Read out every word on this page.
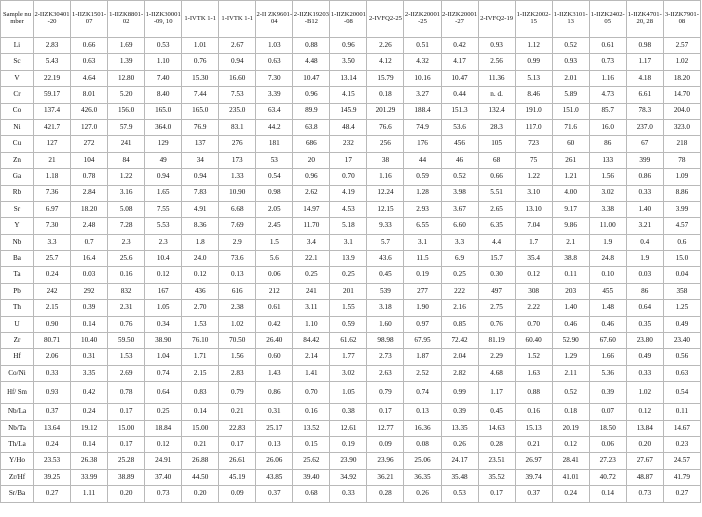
Sample number	2-IIZK30401-20	1-IIZK1501-07	1-IIZK8801-02	1-IIZK30001-09, 10	1-IVTK 1-1	1-IVTK 1-1	2-II ZK9601-04	2-IIZK19203-B12	1-IIZK20001-08	2-IVFQ2-25	2-IIZK20001-25	2-IIZK20001-27	2-IVFQ2-19	1-IIZK2002-15	1-IIZK3101-13	1-IIZK2402-05	1-IIZK4701-20, 28	3-IIZK7901-08
Li	2.83	0.66	1.69	0.53	1.01	2.67	1.03	0.88	0.96	2.26	0.51	0.42	0.93	1.12	0.52	0.61	0.98	2.57
Sc	5.43	0.63	1.39	1.10	0.76	0.94	0.63	4.48	3.50	4.12	4.32	4.17	2.56	0.99	0.93	0.73	1.17	1.02
V	22.19	4.64	12.80	7.40	15.30	16.60	7.30	10.47	13.14	15.79	10.16	10.47	11.36	5.13	2.01	1.16	4.18	18.20
Cr	59.17	8.01	5.20	8.40	7.44	7.53	3.39	0.96	4.15	0.18	3.27	0.44	n. d.	8.46	5.89	4.73	6.61	14.70
Co	137.4	426.0	156.0	165.0	165.0	235.0	63.4	89.9	145.9	201.29	188.4	151.3	132.4	191.0	151.0	85.7	78.3	204.0
Ni	421.7	127.0	57.9	364.0	76.9	83.1	44.2	63.8	48.4	76.6	74.9	53.6	28.3	117.0	71.6	16.0	237.0	323.0
Cu	127	272	241	129	137	276	181	686	232	256	176	456	105	723	60	86	67	218
Zn	21	104	84	49	34	173	53	20	17	38	44	46	68	75	261	133	399	78
Ga	1.18	0.78	1.22	0.94	0.94	1.33	0.54	0.96	0.70	1.16	0.59	0.52	0.66	1.22	1.21	1.56	0.86	1.09
Rb	7.36	2.84	3.16	1.65	7.83	10.90	0.98	2.62	4.19	12.24	1.28	3.98	5.51	3.10	4.00	3.02	0.33	8.86
Sr	6.97	18.20	5.08	7.55	4.91	6.68	2.05	14.97	4.53	12.15	2.93	3.67	2.65	13.10	9.17	3.38	1.40	3.99
Y	7.30	2.48	7.28	5.53	8.36	7.69	2.45	11.70	5.18	9.33	6.55	6.60	6.35	7.04	9.86	11.00	3.21	4.57
Nb	3.3	0.7	2.3	2.3	1.8	2.9	1.5	3.4	3.1	5.7	3.1	3.3	4.4	1.7	2.1	1.9	0.4	0.6
Ba	25.7	16.4	25.6	10.4	24.0	73.6	5.6	22.1	13.9	43.6	11.5	6.9	15.7	35.4	38.8	24.8	1.9	15.0
Ta	0.24	0.03	0.16	0.12	0.12	0.13	0.06	0.25	0.25	0.45	0.19	0.25	0.30	0.12	0.11	0.10	0.03	0.04
Pb	242	292	832	167	436	616	212	241	201	539	277	222	497	308	203	455	86	358
Th	2.15	0.39	2.31	1.05	2.70	2.38	0.61	3.11	1.55	3.18	1.90	2.16	2.75	2.22	1.40	1.48	0.64	1.25
U	0.90	0.14	0.76	0.34	1.53	1.02	0.42	1.10	0.59	1.60	0.97	0.85	0.76	0.70	0.46	0.46	0.35	0.49
Zr	80.71	10.40	59.50	38.90	76.10	70.50	26.40	84.42	61.62	98.98	67.95	72.42	81.19	60.40	52.90	67.60	23.80	23.40
Hf	2.06	0.31	1.53	1.04	1.71	1.56	0.60	2.14	1.77	2.73	1.87	2.04	2.29	1.52	1.29	1.66	0.49	0.56
Co/Ni	0.33	3.35	2.69	0.74	2.15	2.83	1.43	1.41	3.02	2.63	2.52	2.82	4.68	1.63	2.11	5.36	0.33	0.63
Hf/ Sm	0.93	0.42	0.78	0.64	0.83	0.79	0.86	0.70	1.05	0.79	0.74	0.99	1.17	0.88	0.52	0.39	1.02	0.54
Nb/La	0.37	0.24	0.17	0.25	0.14	0.21	0.31	0.16	0.38	0.17	0.13	0.39	0.45	0.16	0.18	0.07	0.12	0.11
Nb/Ta	13.64	19.12	15.00	18.84	15.00	22.83	25.17	13.52	12.61	12.77	16.36	13.35	14.63	15.13	20.19	18.50	13.84	14.67
Th/La	0.24	0.14	0.17	0.12	0.21	0.17	0.13	0.15	0.19	0.09	0.08	0.26	0.28	0.21	0.12	0.06	0.20	0.23
Y/Ho	23.53	26.38	25.28	24.91	26.88	26.61	26.06	25.62	23.90	23.96	25.06	24.17	23.51	26.97	28.41	27.23	27.67	24.57
Zr/Hf	39.25	33.99	38.89	37.40	44.50	45.19	43.85	39.40	34.92	36.21	36.35	35.48	35.52	39.74	41.01	40.72	48.87	41.79
Sr/Ba	0.27	1.11	0.20	0.73	0.20	0.09	0.37	0.68	0.33	0.28	0.26	0.53	0.17	0.37	0.24	0.14	0.73	0.27
